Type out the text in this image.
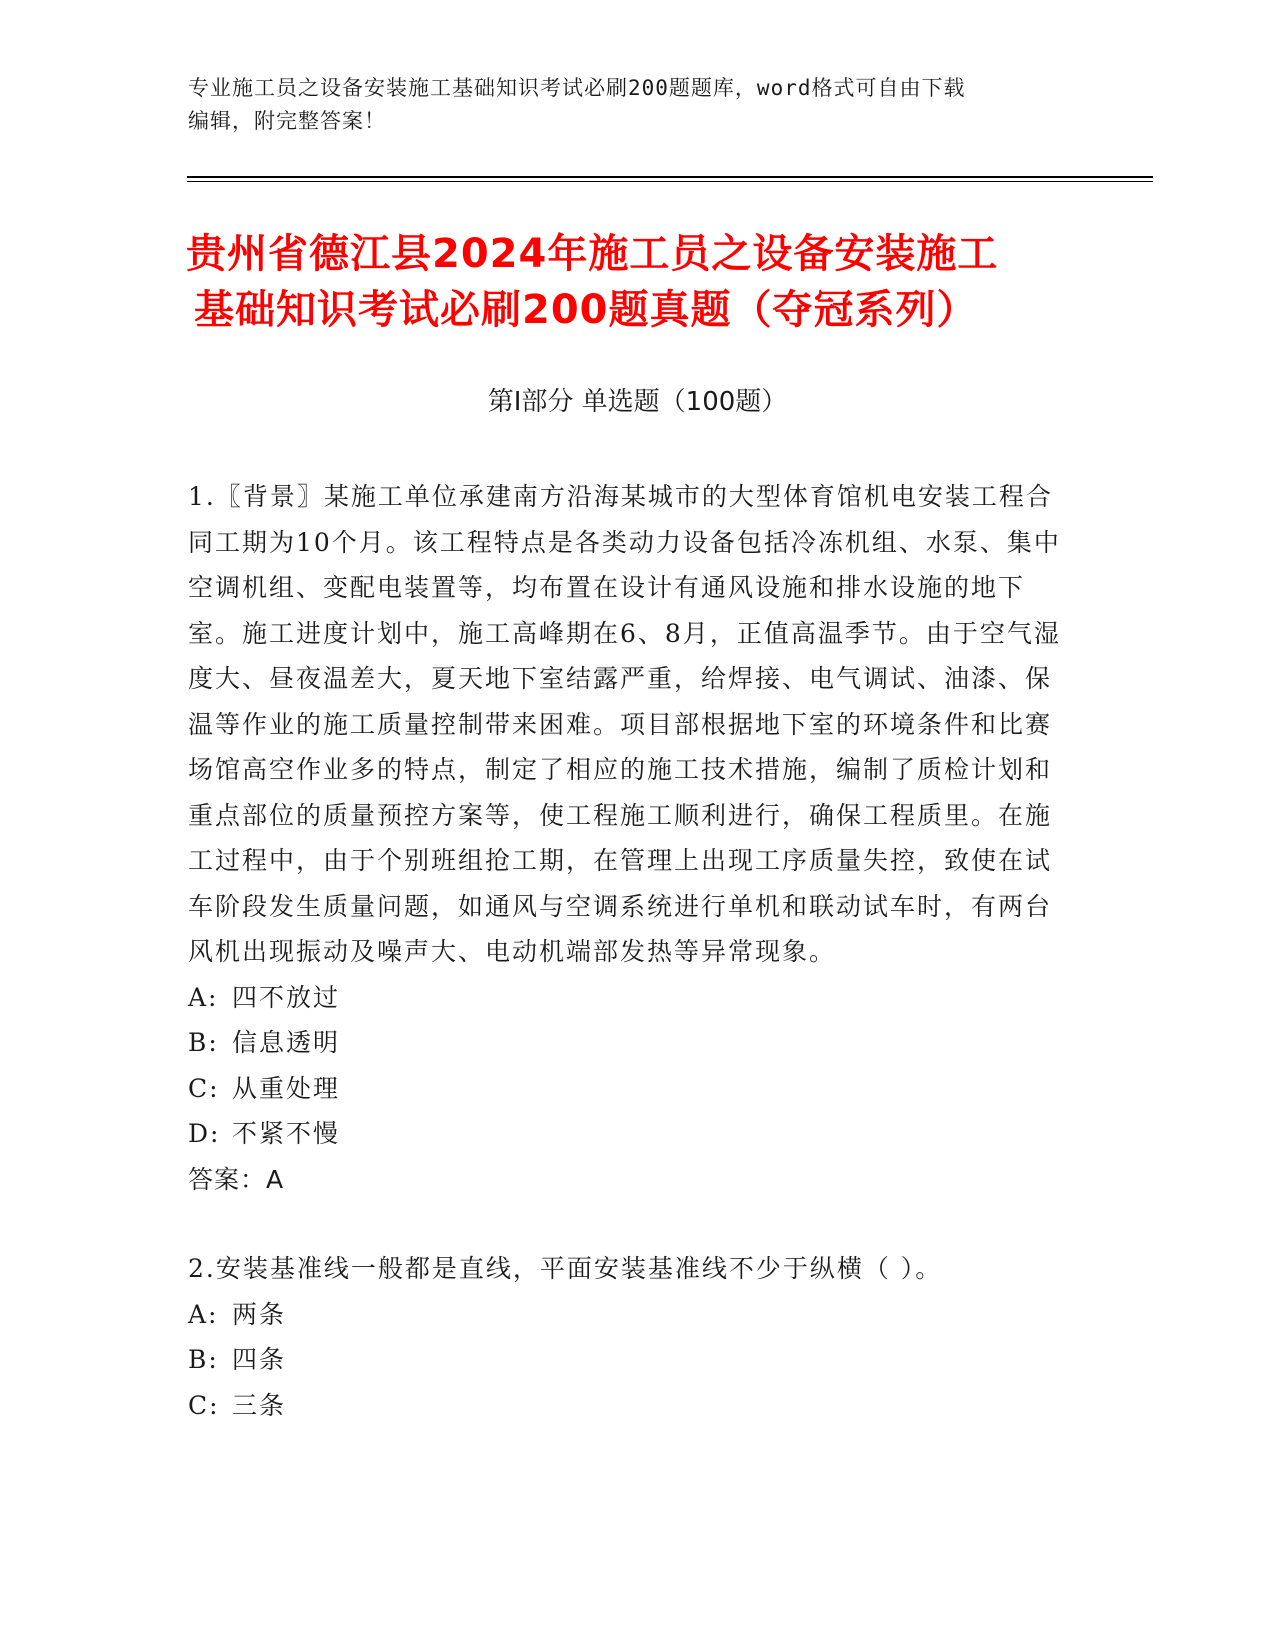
专业施工员之设备安装施工基础知识考试必刷200题题库，word格式可自由下载
编辑，附完整答案！
贵州省德江县2024年施工员之设备安装施工
基础知识考试必刷200题真题（夺冠系列）
第Ⅰ部分 单选题（100题）

1.〖背景〗某施工单位承建南方沿海某城市的大型体育馆机电安装工程合同工期为10个月。该工程特点是各类动力设备包括冷冻机组、水泵、集中空调机组、变配电装置等，均布置在设计有通风设施和排水设施的地下室。施工进度计划中，施工高峰期在6、8月，正值高温季节。由于空气湿度大、昼夜温差大，夏天地下室结露严重，给焊接、电气调试、油漆、保温等作业的施工质量控制带来困难。项目部根据地下室的环境条件和比赛场馆高空作业多的特点，制定了相应的施工技术措施，编制了质检计划和重点部位的质量预控方案等，使工程施工顺利进行，确保工程质里。在施工过程中，由于个别班组抢工期，在管理上出现工序质量失控，致使在试车阶段发生质量问题，如通风与空调系统进行单机和联动试车时，有两台风机出现振动及噪声大、电动机端部发热等异常现象。

A: 四不放过
B: 信息透明
C: 从重处理
D: 不紧不慢

答案：A

2.安装基准线一般都是直线，平面安装基准线不少于纵横（ ）。

A: 两条
B: 四条
C: 三条
